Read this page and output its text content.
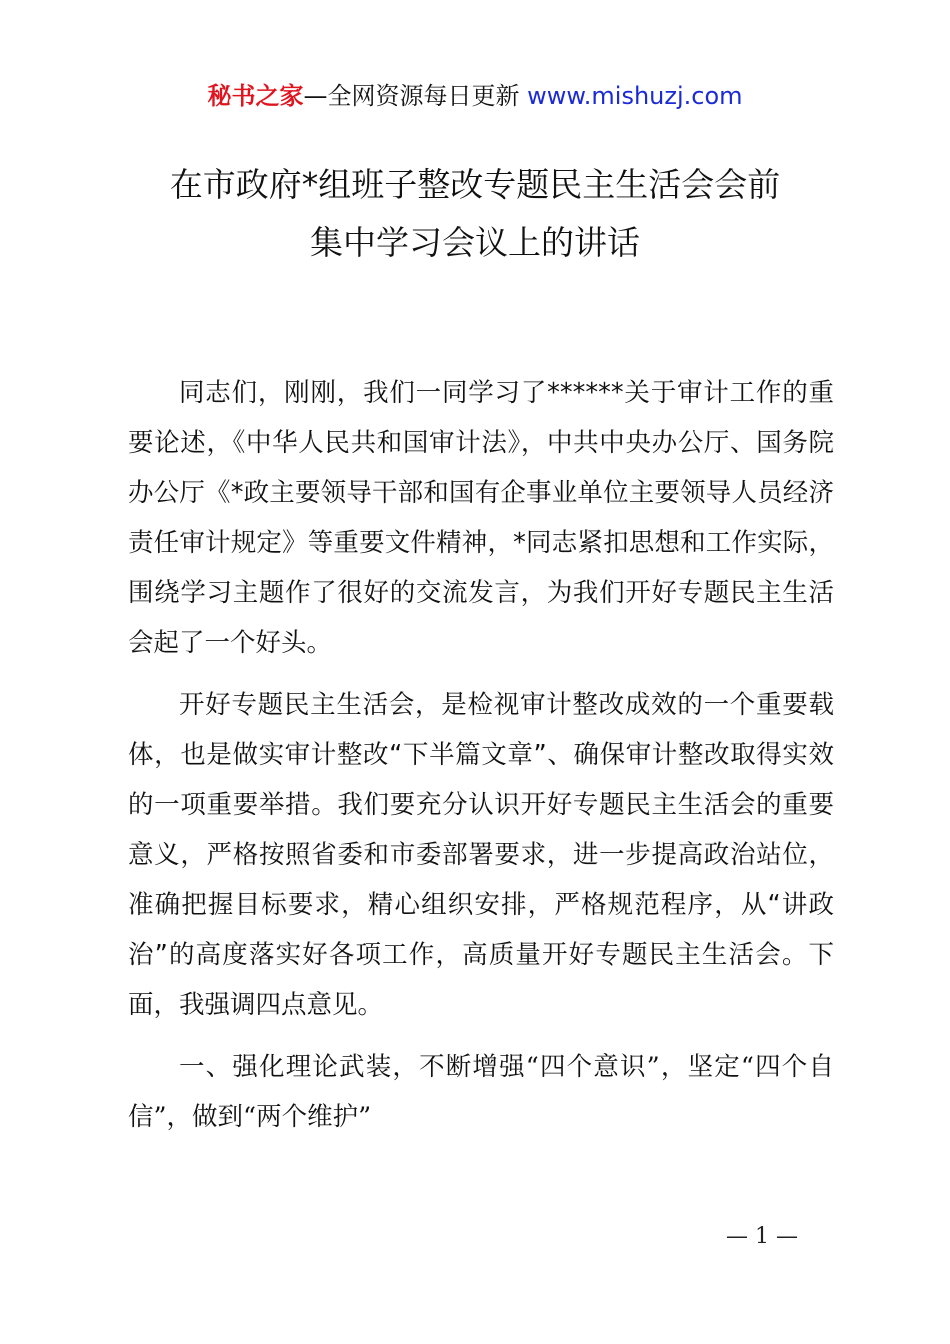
秘书之家—全网资源每日更新 www.mishuzj.com
在市政府*组班子整改专题民主生活会会前
集中学习会议上的讲话

同志们，刚刚，我们一同学习了******关于审计工作的重要论述，《中华人民共和国审计法》，中共中央办公厅、国务院办公厅《*政主要领导干部和国有企事业单位主要领导人员经济责任审计规定》等重要文件精神，*同志紧扣思想和工作实际，围绕学习主题作了很好的交流发言，为我们开好专题民主生活会起了一个好头。

开好专题民主生活会，是检视审计整改成效的一个重要载体，也是做实审计整改“下半篇文章”、确保审计整改取得实效的一项重要举措。我们要充分认识开好专题民主生活会的重要意义，严格按照省委和市委部署要求，进一步提高政治站位，准确把握目标要求，精心组织安排，严格规范程序，从“讲政治”的高度落实好各项工作，高质量开好专题民主生活会。下面，我强调四点意见。

一、强化理论武装，不断增强“四个意识”，坚定“四个自信”，做到“两个维护”

— 1 —
